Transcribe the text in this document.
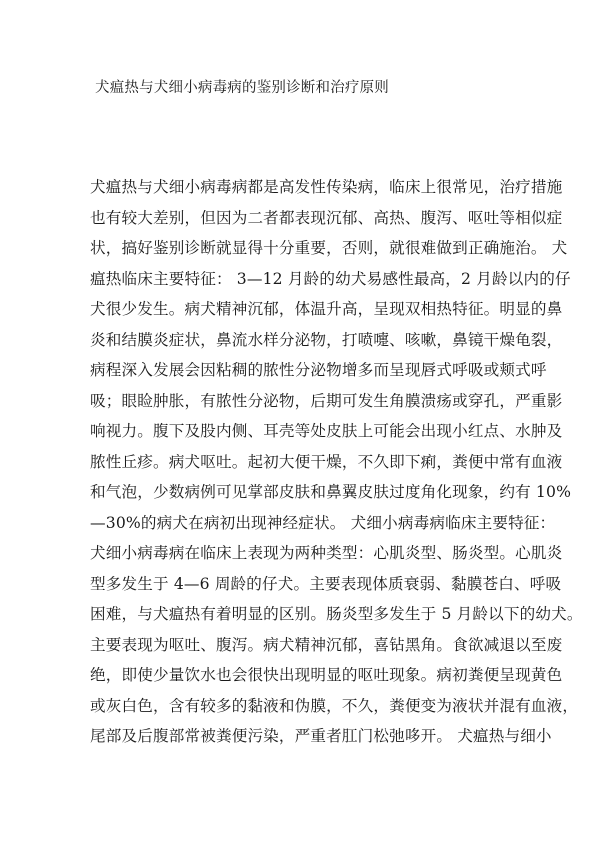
犬瘟热与犬细小病毒病的鉴别诊断和治疗原则
犬瘟热与犬细小病毒病都是高发性传染病，临床上很常见，治疗措施
也有较大差别，但因为二者都表现沉郁、高热、腹泻、呕吐等相似症
状，搞好鉴别诊断就显得十分重要，否则，就很难做到正确施治。 犬
瘟热临床主要特征： 3—12 月龄的幼犬易感性最高，2 月龄以内的仔
犬很少发生。病犬精神沉郁，体温升高，呈现双相热特征。明显的鼻
炎和结膜炎症状，鼻流水样分泌物，打喷嚏、咳嗽，鼻镜干燥龟裂，
病程深入发展会因粘稠的脓性分泌物增多而呈现唇式呼吸或颊式呼
吸；眼睑肿胀，有脓性分泌物，后期可发生角膜溃疡或穿孔，严重影
响视力。腹下及股内侧、耳壳等处皮肤上可能会出现小红点、水肿及
脓性丘疹。病犬呕吐。起初大便干燥，不久即下痢，粪便中常有血液
和气泡，少数病例可见掌部皮肤和鼻翼皮肤过度角化现象，约有 10%
—30%的病犬在病初出现神经症状。 犬细小病毒病临床主要特征：
犬细小病毒病在临床上表现为两种类型：心肌炎型、肠炎型。心肌炎
型多发生于 4—6 周龄的仔犬。主要表现体质衰弱、黏膜苍白、呼吸
困难，与犬瘟热有着明显的区别。肠炎型多发生于 5 月龄以下的幼犬。
主要表现为呕吐、腹泻。病犬精神沉郁，喜钻黑角。食欲减退以至废
绝，即使少量饮水也会很快出现明显的呕吐现象。病初粪便呈现黄色
或灰白色，含有较多的黏液和伪膜，不久，粪便变为液状并混有血液，
尾部及后腹部常被粪便污染，严重者肛门松弛哆开。 犬瘟热与细小
